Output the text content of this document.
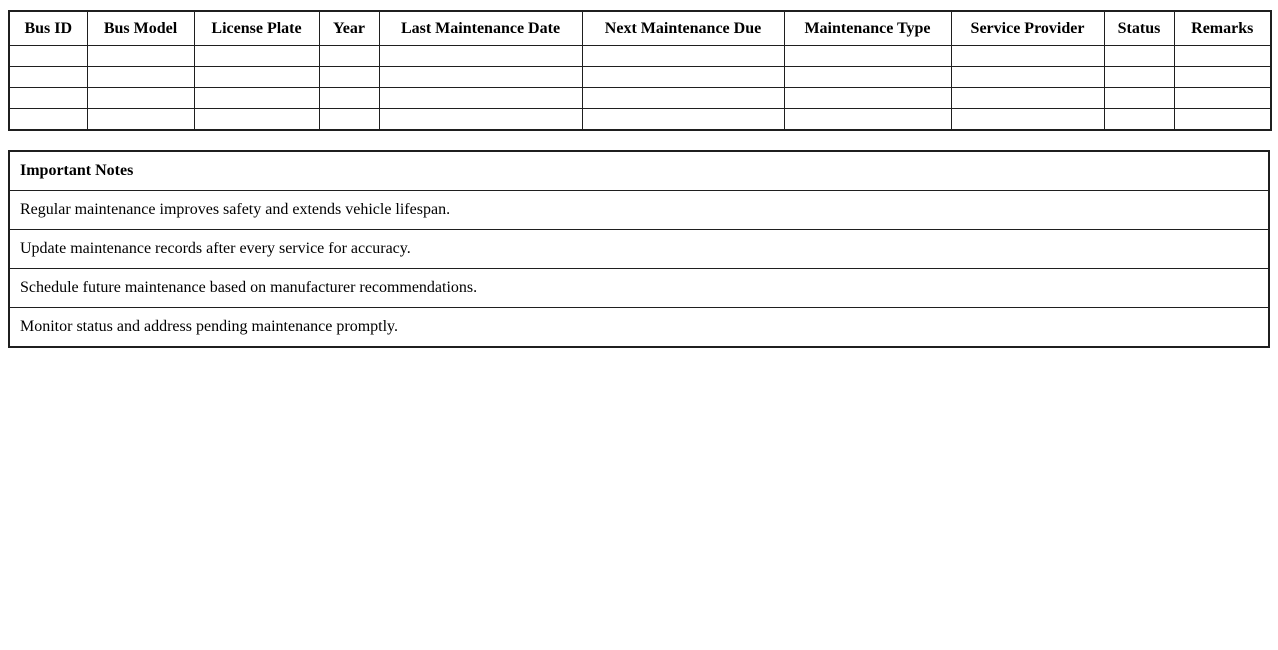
Bus ID	Bus Model	License Plate	Year	Last Maintenance Date	Next Maintenance Due	Maintenance Type	Service Provider	Status	Remarks

Important Notes
Regular maintenance improves safety and extends vehicle lifespan.
Update maintenance records after every service for accuracy.
Schedule future maintenance based on manufacturer recommendations.
Monitor status and address pending maintenance promptly.
